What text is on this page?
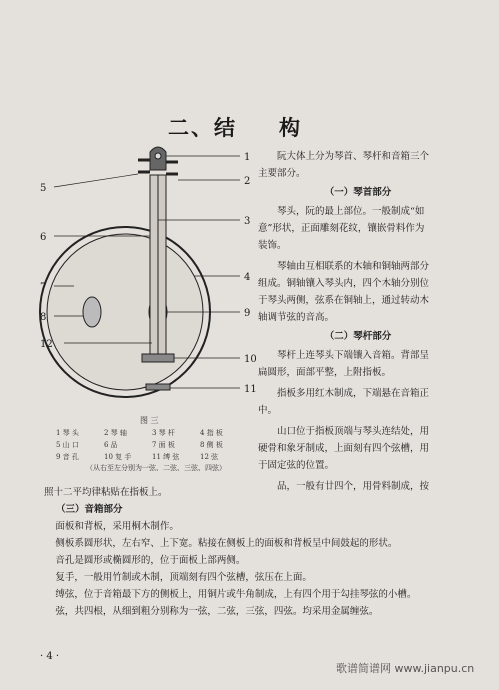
二、结 构
1
2
3
4
5
6
7
8	9
10
11
12
图 三
1 琴 头	2 琴 轴	3 琴 杆	4 指 板
5 山 口	6 品	7 面 板	8 侧 板
9 音 孔	10 复 手	11 缚 弦	12 弦
（从右至左分别为一弦、二弦、三弦、四弦）

阮大体上分为琴首、琴杆和音箱三个

主要部分。

（一）琴首部分

琴头，阮的最上部位。一般制成“如

意”形状，正面雕刻花纹，镶嵌骨料作为

装饰。

琴轴由互相联系的木轴和铜轴两部分

组成。铜轴镶入琴头内，四个木轴分别位

于琴头两侧，弦系在铜轴上，通过转动木

轴调节弦的音高。

（二）琴杆部分

琴杆上连琴头下端镶入音箱。背部呈

扁圆形，面部平整，上附指板。

指板多用红木制成，下端悬在音箱正

中。

山口位于指板顶端与琴头连结处，用

硬骨和象牙制成，上面刻有四个弦槽，用

于固定弦的位置。

品，一般有廿四个，用骨料制成，按

照十二平均律粘贴在指板上。

（三）音箱部分

面板和背板，采用桐木制作。

侧板系圆形状，左右窄、上下宽。粘接在侧板上的面板和背板呈中间鼓起的形状。

音孔是圆形或椭圆形的，位于面板上部两侧。

复手，一般用竹制或木制，顶端刻有四个弦槽，弦压在上面。

缚弦，位于音箱最下方的侧板上，用铜片或牛角制成，上有四个用于勾挂琴弦的小槽。

弦，共四根，从细到粗分别称为一弦，二弦，三弦，四弦。均采用金属缠弦。

· 4 ·
歌谱简谱网 www.jianpu.cn
